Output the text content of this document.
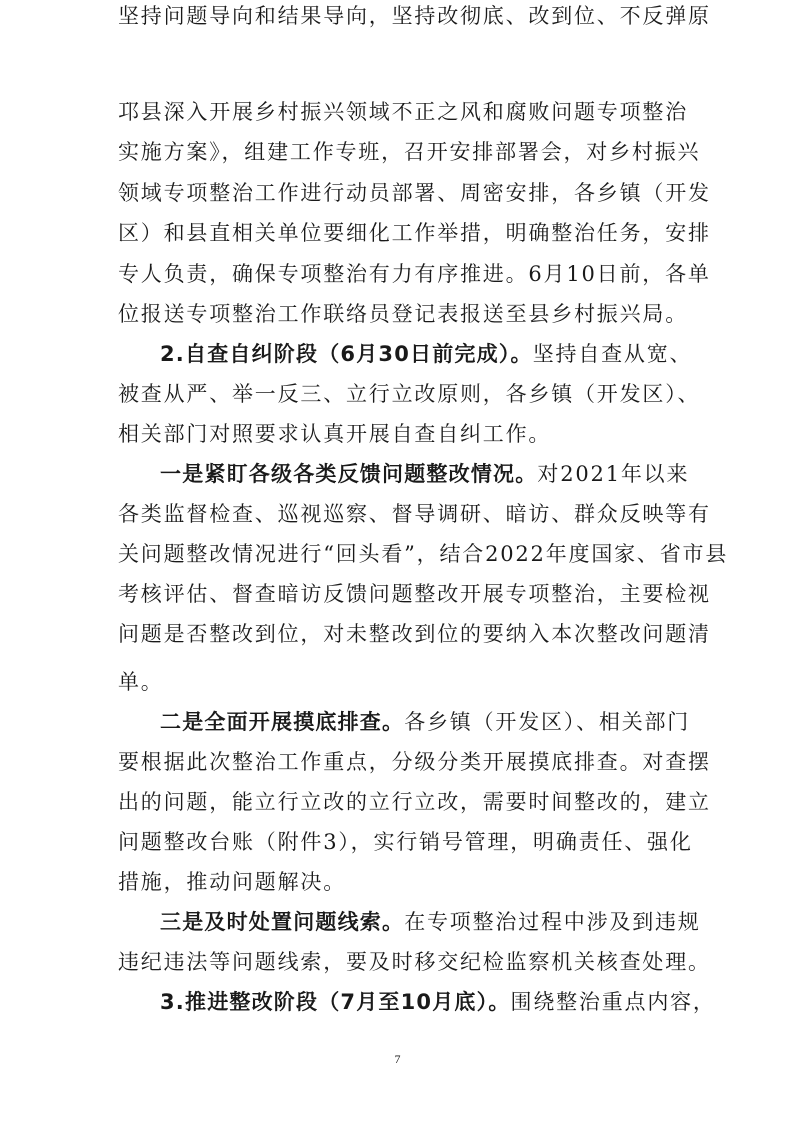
邛县深入开展乡村振兴领域不正之风和腐败问题专项整治
实施方案》，组建工作专班，召开安排部署会，对乡村振兴
领域专项整治工作进行动员部署、周密安排，各乡镇（开发
区）和县直相关单位要细化工作举措，明确整治任务，安排
专人负责，确保专项整治有力有序推进。6月10日前，各单
位报送专项整治工作联络员登记表报送至县乡村振兴局。
2.自查自纠阶段（6月30日前完成）。坚持自查从宽、
被查从严、举一反三、立行立改原则，各乡镇（开发区）、
相关部门对照要求认真开展自查自纠工作。
一是紧盯各级各类反馈问题整改情况。对2021年以来
各类监督检查、巡视巡察、督导调研、暗访、群众反映等有
关问题整改情况进行“回头看”，结合2022年度国家、省市县
考核评估、督查暗访反馈问题整改开展专项整治，主要检视
问题是否整改到位，对未整改到位的要纳入本次整改问题清
单。
二是全面开展摸底排查。各乡镇（开发区）、相关部门
要根据此次整治工作重点，分级分类开展摸底排查。对查摆
出的问题，能立行立改的立行立改，需要时间整改的，建立
问题整改台账（附件3），实行销号管理，明确责任、强化
措施，推动问题解决。
三是及时处置问题线索。在专项整治过程中涉及到违规
违纪违法等问题线索，要及时移交纪检监察机关核查处理。
3.推进整改阶段（7月至10月底）。围绕整治重点内容，
坚持问题导向和结果导向，坚持改彻底、改到位、不反弹原
7
